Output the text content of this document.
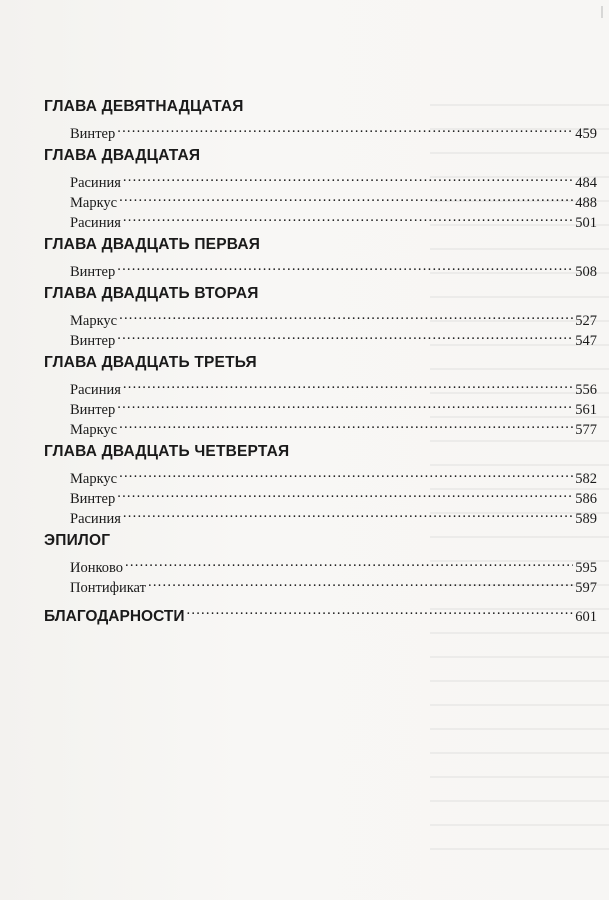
ГЛАВА ДЕВЯТНАДЦАТАЯ
Винтер . . .	459
ГЛАВА ДВАДЦАТАЯ
Расиния . . .	484
Маркус . . .	488
Расиния . . .	501
ГЛАВА ДВАДЦАТЬ ПЕРВАЯ
Винтер . . .	508
ГЛАВА ДВАДЦАТЬ ВТОРАЯ
Маркус . . .	527
Винтер . . .	547
ГЛАВА ДВАДЦАТЬ ТРЕТЬЯ
Расиния . . .	556
Винтер . . .	561
Маркус . . .	577
ГЛАВА ДВАДЦАТЬ ЧЕТВЕРТАЯ
Маркус . . .	582
Винтер . . .	586
Расиния . . .	589
ЭПИЛОГ
Ионково . . .	595
Понтификат . . .	597
БЛАГОДАРНОСТИ . . .	601
